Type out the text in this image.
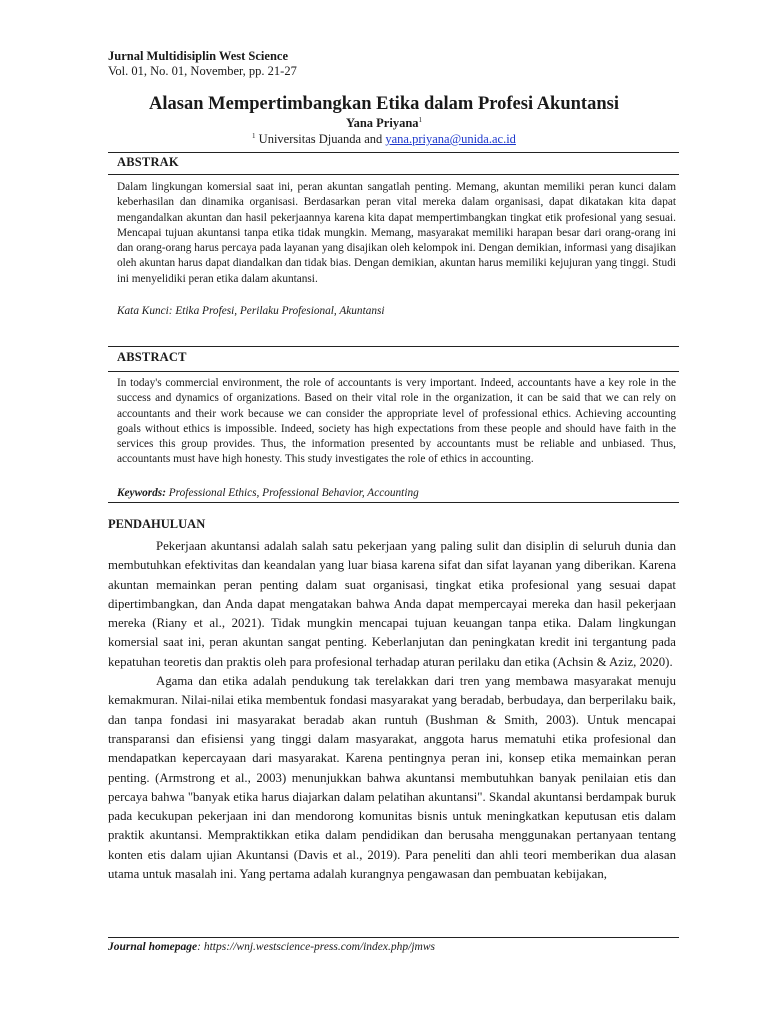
Jurnal Multidisiplin West Science
Vol. 01, No. 01, November, pp. 21-27
Alasan Mempertimbangkan Etika dalam Profesi Akuntansi
Yana Priyana$^1$
$^1$ Universitas Djuanda and yana.priyana@unida.ac.id
ABSTRAK
Dalam lingkungan komersial saat ini, peran akuntan sangatlah penting. Memang, akuntan memiliki peran kunci dalam keberhasilan dan dinamika organisasi. Berdasarkan peran vital mereka dalam organisasi, dapat dikatakan kita dapat mengandalkan akuntan dan hasil pekerjaannya karena kita dapat mempertimbangkan tingkat etik profesional yang sesuai. Mencapai tujuan akuntansi tanpa etika tidak mungkin. Memang, masyarakat memiliki harapan besar dari orang-orang ini dan orang-orang harus percaya pada layanan yang disajikan oleh kelompok ini. Dengan demikian, informasi yang disajikan oleh akuntan harus dapat diandalkan dan tidak bias. Dengan demikian, akuntan harus memiliki kejujuran yang tinggi. Studi ini menyelidiki peran etika dalam akuntansi.
Kata Kunci: Etika Profesi, Perilaku Profesional, Akuntansi
ABSTRACT
In today's commercial environment, the role of accountants is very important. Indeed, accountants have a key role in the success and dynamics of organizations. Based on their vital role in the organization, it can be said that we can rely on accountants and their work because we can consider the appropriate level of professional ethics. Achieving accounting goals without ethics is impossible. Indeed, society has high expectations from these people and should have faith in the services this group provides. Thus, the information presented by accountants must be reliable and unbiased. Thus, accountants must have high honesty. This study investigates the role of ethics in accounting.
Keywords: Professional Ethics, Professional Behavior, Accounting
PENDAHULUAN

Pekerjaan akuntansi adalah salah satu pekerjaan yang paling sulit dan disiplin di seluruh dunia dan membutuhkan efektivitas dan keandalan yang luar biasa karena sifat dan sifat layanan yang diberikan. Karena akuntan memainkan peran penting dalam suat organisasi, tingkat etika profesional yang sesuai dapat dipertimbangkan, dan Anda dapat mengatakan bahwa Anda dapat mempercayai mereka dan hasil pekerjaan mereka (Riany et al., 2021). Tidak mungkin mencapai tujuan keuangan tanpa etika. Dalam lingkungan komersial saat ini, peran akuntan sangat penting. Keberlanjutan dan peningkatan kredit ini tergantung pada kepatuhan teoretis dan praktis oleh para profesional terhadap aturan perilaku dan etika (Achsin & Aziz, 2020).

Agama dan etika adalah pendukung tak terelakkan dari tren yang membawa masyarakat menuju kemakmuran. Nilai-nilai etika membentuk fondasi masyarakat yang beradab, berbudaya, dan berperilaku baik, dan tanpa fondasi ini masyarakat beradab akan runtuh (Bushman & Smith, 2003). Untuk mencapai transparansi dan efisiensi yang tinggi dalam masyarakat, anggota harus mematuhi etika profesional dan mendapatkan kepercayaan dari masyarakat. Karena pentingnya peran ini, konsep etika memainkan peran penting. (Armstrong et al., 2003) menunjukkan bahwa akuntansi membutuhkan banyak penilaian etis dan percaya bahwa "banyak etika harus diajarkan dalam pelatihan akuntansi". Skandal akuntansi berdampak buruk pada kecukupan pekerjaan ini dan mendorong komunitas bisnis untuk meningkatkan keputusan etis dalam praktik akuntansi. Mempraktikkan etika dalam pendidikan dan berusaha menggunakan pertanyaan tentang konten etis dalam ujian Akuntansi (Davis et al., 2019). Para peneliti dan ahli teori memberikan dua alasan utama untuk masalah ini. Yang pertama adalah kurangnya pengawasan dan pembuatan kebijakan,

Journal homepage: https://wnj.westscience-press.com/index.php/jmws
